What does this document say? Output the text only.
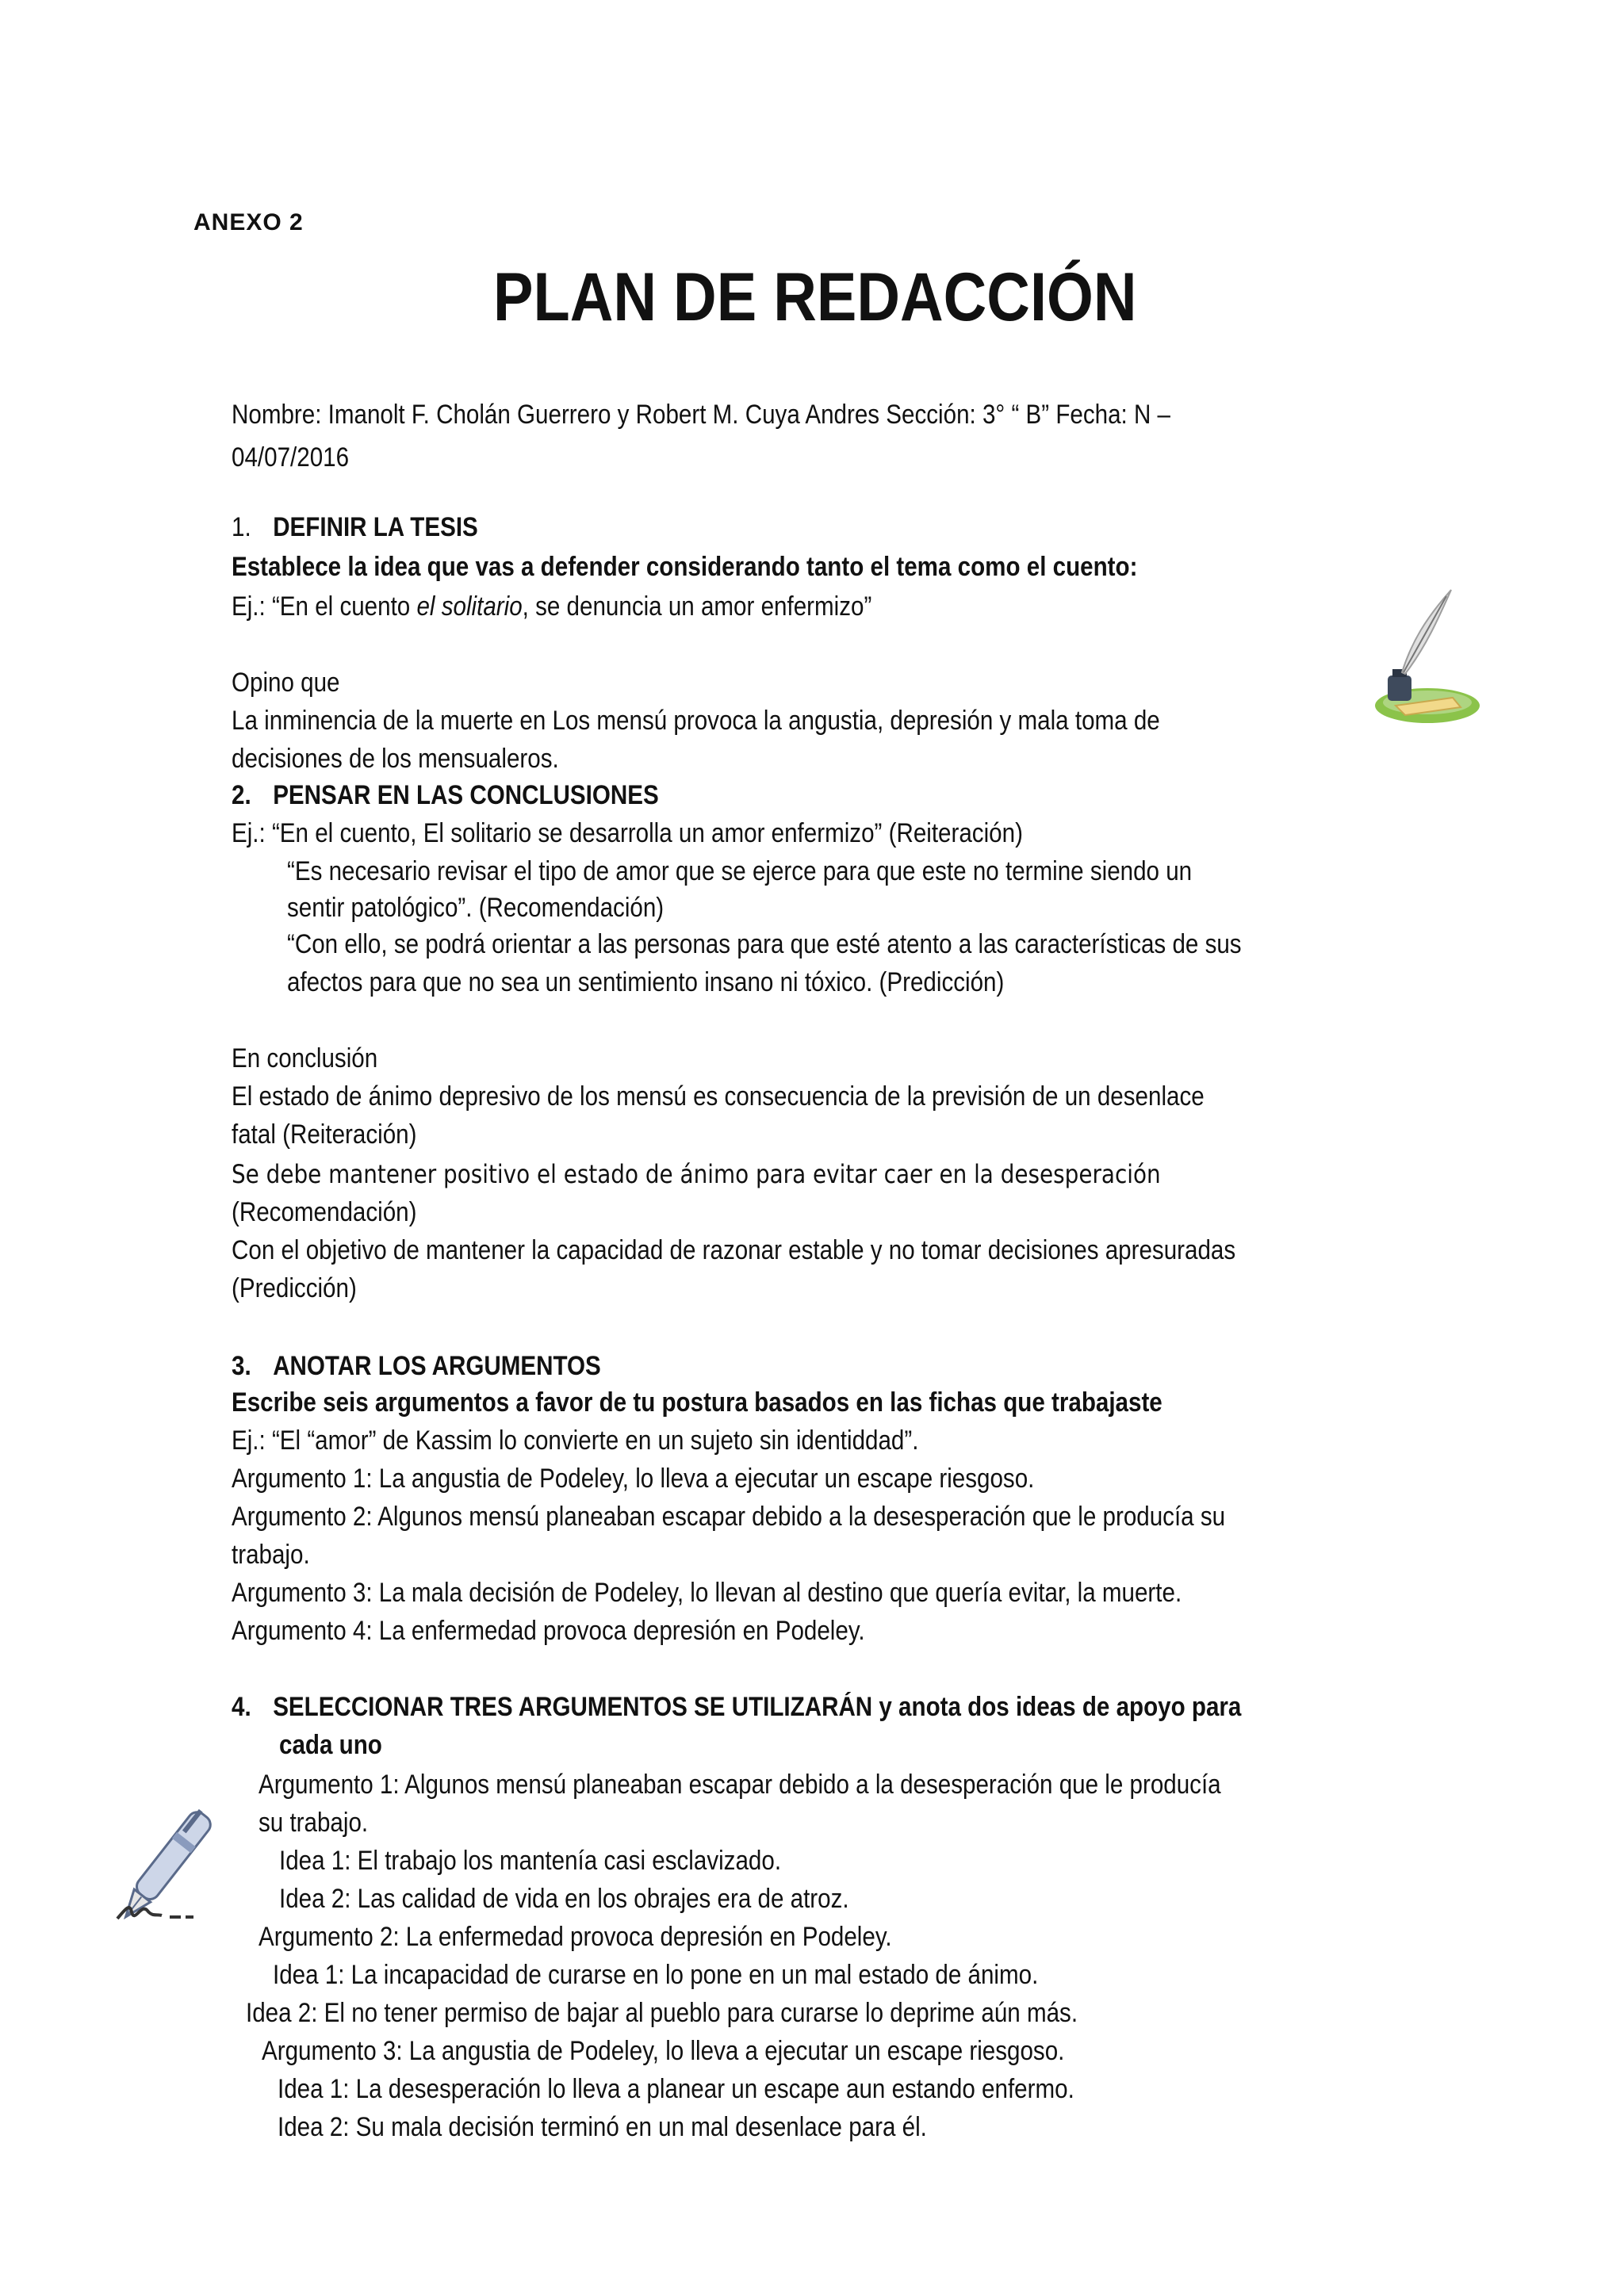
ANEXO 2
PLAN DE REDACCIÓN
Nombre: Imanolt F. Cholán Guerrero y Robert M. Cuya Andres Sección: 3° “ B” Fecha: N –
04/07/2016
1. DEFINIR LA TESIS
Establece la idea que vas a defender considerando tanto el tema como el cuento:
Ej.: “En el cuento el solitario, se denuncia un amor enfermizo”
Opino que
La inminencia de la muerte en Los mensú provoca la angustia, depresión y mala toma de
decisiones de los mensualeros.
2. PENSAR EN LAS CONCLUSIONES
Ej.: “En el cuento, El solitario se desarrolla un amor enfermizo” (Reiteración)
“Es necesario revisar el tipo de amor que se ejerce para que este no termine siendo un
sentir patológico”. (Recomendación)
“Con ello, se podrá orientar a las personas para que esté atento a las características de sus
afectos para que no sea un sentimiento insano ni tóxico. (Predicción)
En conclusión
El estado de ánimo depresivo de los mensú es consecuencia de la previsión de un desenlace
fatal (Reiteración)
Se debe mantener positivo el estado de ánimo para evitar caer en la desesperación
(Recomendación)
Con el objetivo de mantener la capacidad de razonar estable y no tomar decisiones apresuradas
(Predicción)
3. ANOTAR LOS ARGUMENTOS
Escribe seis argumentos a favor de tu postura basados en las fichas que trabajaste
Ej.: “El “amor” de Kassim lo convierte en un sujeto sin identiddad”.
Argumento 1: La angustia de Podeley, lo lleva a ejecutar un escape riesgoso.
Argumento 2: Algunos mensú planeaban escapar debido a la desesperación que le producía su
trabajo.
Argumento 3: La mala decisión de Podeley, lo llevan al destino que quería evitar, la muerte.
Argumento 4: La enfermedad provoca depresión en Podeley.
4. SELECCIONAR TRES ARGUMENTOS SE UTILIZARÁN y anota dos ideas de apoyo para
cada uno
Argumento 1: Algunos mensú planeaban escapar debido a la desesperación que le producía
su trabajo.
Idea 1: El trabajo los mantenía casi esclavizado.
Idea 2: Las calidad de vida en los obrajes era de atroz.
Argumento 2: La enfermedad provoca depresión en Podeley.
Idea 1: La incapacidad de curarse en lo pone en un mal estado de ánimo.
Idea 2: El no tener permiso de bajar al pueblo para curarse lo deprime aún más.
Argumento 3: La angustia de Podeley, lo lleva a ejecutar un escape riesgoso.
Idea 1: La desesperación lo lleva a planear un escape aun estando enfermo.
Idea 2: Su mala decisión terminó en un mal desenlace para él.
